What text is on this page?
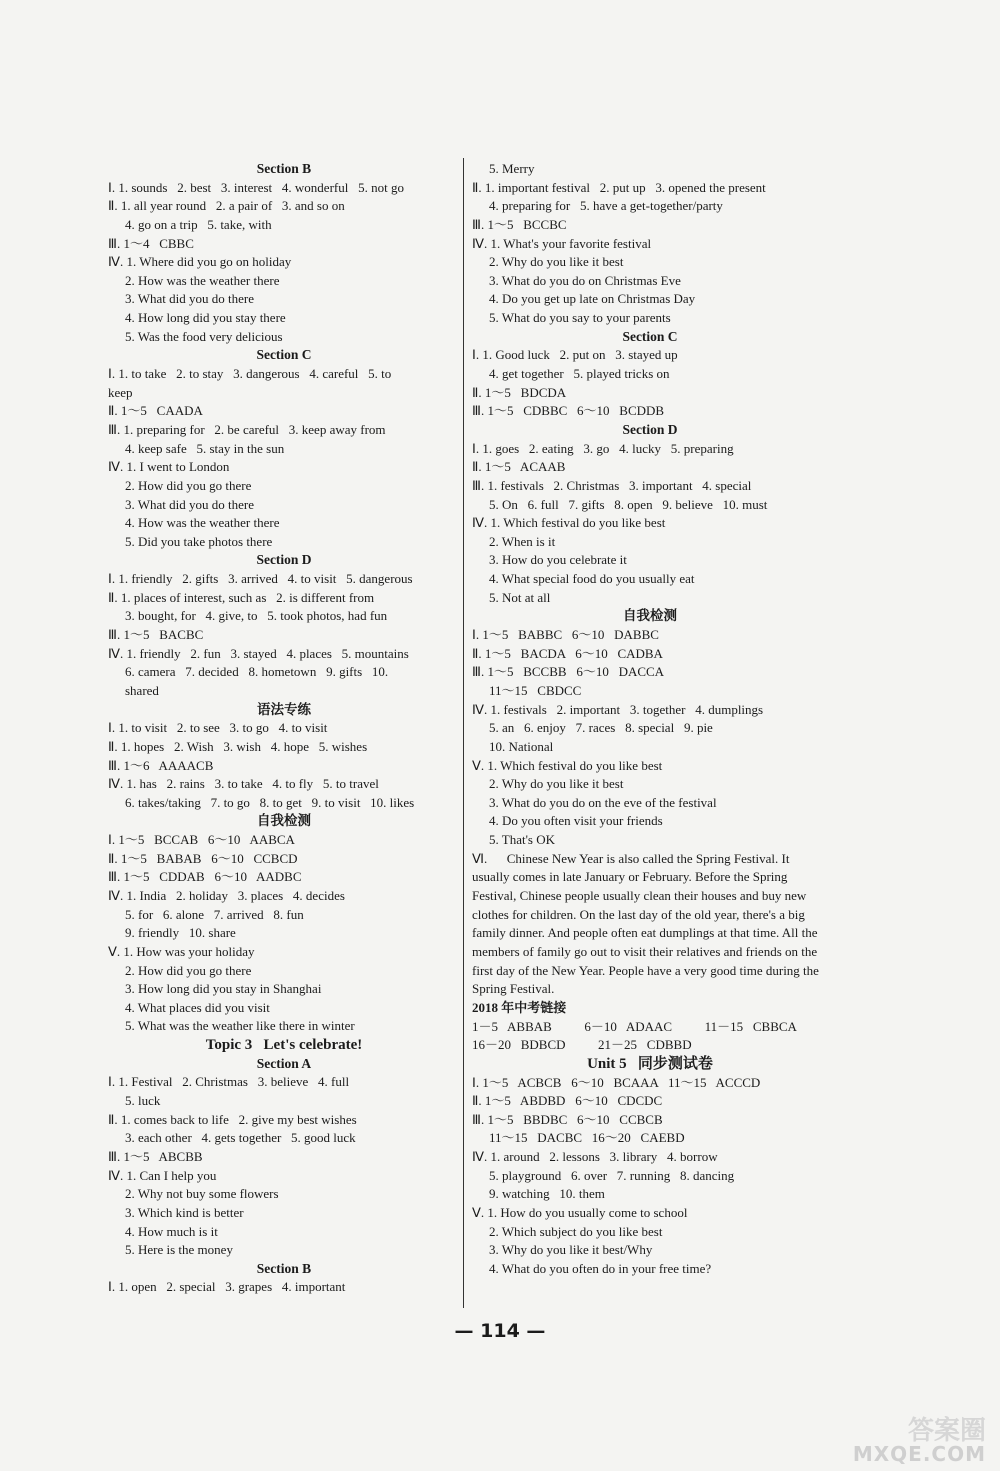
Section B
Ⅰ. 1. sounds   2. best   3. interest   4. wonderful   5. not go
Ⅱ. 1. all year round   2. a pair of   3. and so on
4. go on a trip   5. take, with
Ⅲ. 1～4   CBBC
Ⅳ. 1. Where did you go on holiday
2. How was the weather there
3. What did you do there
4. How long did you stay there
5. Was the food very delicious
Section C
Ⅰ. 1. to take   2. to stay   3. dangerous   4. careful   5. to
keep
Ⅱ. 1～5   CAADA
Ⅲ. 1. preparing for   2. be careful   3. keep away from
4. keep safe   5. stay in the sun
Ⅳ. 1. I went to London
2. How did you go there
3. What did you do there
4. How was the weather there
5. Did you take photos there
Section D
Ⅰ. 1. friendly   2. gifts   3. arrived   4. to visit   5. dangerous
Ⅱ. 1. places of interest, such as   2. is different from
3. bought, for   4. give, to   5. took photos, had fun
Ⅲ. 1～5   BACBC
Ⅳ. 1. friendly   2. fun   3. stayed   4. places   5. mountains
6. camera   7. decided   8. hometown   9. gifts   10.
shared
语法专练
Ⅰ. 1. to visit   2. to see   3. to go   4. to visit
Ⅱ. 1. hopes   2. Wish   3. wish   4. hope   5. wishes
Ⅲ. 1～6   AAAACB
Ⅳ. 1. has   2. rains   3. to take   4. to fly   5. to travel
6. takes/taking   7. to go   8. to get   9. to visit   10. likes
自我检测
Ⅰ. 1～5   BCCAB   6～10   AABCA
Ⅱ. 1～5   BABAB   6～10   CCBCD
Ⅲ. 1～5   CDDAB   6～10   AADBC
Ⅳ. 1. India   2. holiday   3. places   4. decides
5. for   6. alone   7. arrived   8. fun
9. friendly   10. share
Ⅴ. 1. How was your holiday
2. How did you go there
3. How long did you stay in Shanghai
4. What places did you visit
5. What was the weather like there in winter
Topic 3   Let's celebrate!
Section A
Ⅰ. 1. Festival   2. Christmas   3. believe   4. full
5. luck
Ⅱ. 1. comes back to life   2. give my best wishes
3. each other   4. gets together   5. good luck
Ⅲ. 1～5   ABCBB
Ⅳ. 1. Can I help you
2. Why not buy some flowers
3. Which kind is better
4. How much is it
5. Here is the money
Section B
Ⅰ. 1. open   2. special   3. grapes   4. important
5. Merry
Ⅱ. 1. important festival   2. put up   3. opened the present
4. preparing for   5. have a get-together/party
Ⅲ. 1～5   BCCBC
Ⅳ. 1. What's your favorite festival
2. Why do you like it best
3. What do you do on Christmas Eve
4. Do you get up late on Christmas Day
5. What do you say to your parents
Section C
Ⅰ. 1. Good luck   2. put on   3. stayed up
4. get together   5. played tricks on
Ⅱ. 1～5   BDCDA
Ⅲ. 1～5   CDBBC   6～10   BCDDB
Section D
Ⅰ. 1. goes   2. eating   3. go   4. lucky   5. preparing
Ⅱ. 1～5   ACAAB
Ⅲ. 1. festivals   2. Christmas   3. important   4. special
5. On   6. full   7. gifts   8. open   9. believe   10. must
Ⅳ. 1. Which festival do you like best
2. When is it
3. How do you celebrate it
4. What special food do you usually eat
5. Not at all
自我检测
Ⅰ. 1～5   BABBC   6～10   DABBC
Ⅱ. 1～5   BACDA   6～10   CADBA
Ⅲ. 1～5   BCCBB   6～10   DACCA
11～15   CBDCC
Ⅳ. 1. festivals   2. important   3. together   4. dumplings
5. an   6. enjoy   7. races   8. special   9. pie
10. National
Ⅴ. 1. Which festival do you like best
2. Why do you like it best
3. What do you do on the eve of the festival
4. Do you often visit your friends
5. That's OK
Ⅵ.      Chinese New Year is also called the Spring Festival. It usually comes in late January or February. Before the Spring Festival, Chinese people usually clean their houses and buy new clothes for children. On the last day of the old year, there's a big family dinner. And people often eat dumplings at that time. All the members of family go out to visit their relatives and friends on the first day of the New Year. People have a very good time during the Spring Festival.
2018 年中考链接
1－5   ABBAB          6－10   ADAAC          11－15   CBBCA
16－20   BDBCD          21－25   CDBBD
Unit 5   同步测试卷
Ⅰ. 1～5   ACBCB   6～10   BCAAA   11～15   ACCCD
Ⅱ. 1～5   ABDBD   6～10   CDCDC
Ⅲ. 1～5   BBDBC   6～10   CCBCB
11～15   DACBC   16～20   CAEBD
Ⅳ. 1. around   2. lessons   3. library   4. borrow
5. playground   6. over   7. running   8. dancing
9. watching   10. them
Ⅴ. 1. How do you usually come to school
2. Which subject do you like best
3. Why do you like it best/Why
4. What do you often do in your free time?
— 114 —
答案圈
MXQE.COM
